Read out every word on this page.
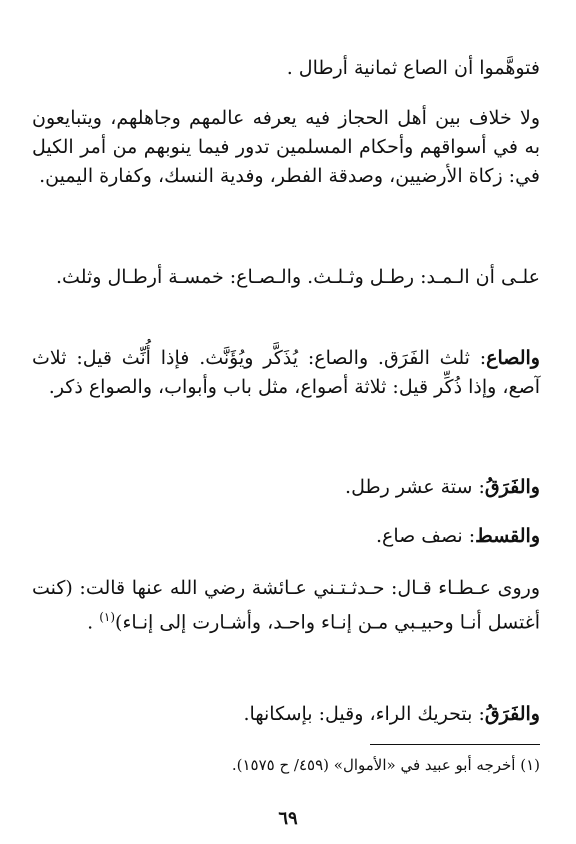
فتوهَّموا أن الصاع ثمانية أرطال .

ولا خلاف بين أهل الحجاز فيه يعرفه عالمهم وجاهلهم، ويتبايعون به في أسواقهم وأحكام المسلمين تدور فيما ينوبهم من أمر الكيل في: زكاة الأرضيين، وصدقة الفطر، وفدية النسك، وكفارة اليمين.

علـى أن الـمـد: رطـل وثـلـث. والـصـاع: خمسـة أرطـال وثلث.

والصاع: ثلث الفَرَق. والصاع: يُذَكَّر ويُؤَنَّث. فإذا أُنِّث قيل: ثلاث آصع، وإذا ذُكِّر قيل: ثلاثة أصواع، مثل باب وأبواب، والصواع ذكر.

والفَرَقُ: ستة عشر رطل.

والقسط: نصف صاع.

وروى عـطـاء قـال: حـدثـتـني عـائشة رضي الله عنها قالت: (كنت أغتسل أنـا وحبيـبي مـن إنـاء واحـد، وأشـارت إلى إنـاء)$^{(١)}$ .

والفَرَقُ: بتحريك الراء، وقيل: بإسكانها.

(١) أخرجه أبو عبيد في «الأموال» (٤٥٩/ ح ١٥٧٥).

٦٩
